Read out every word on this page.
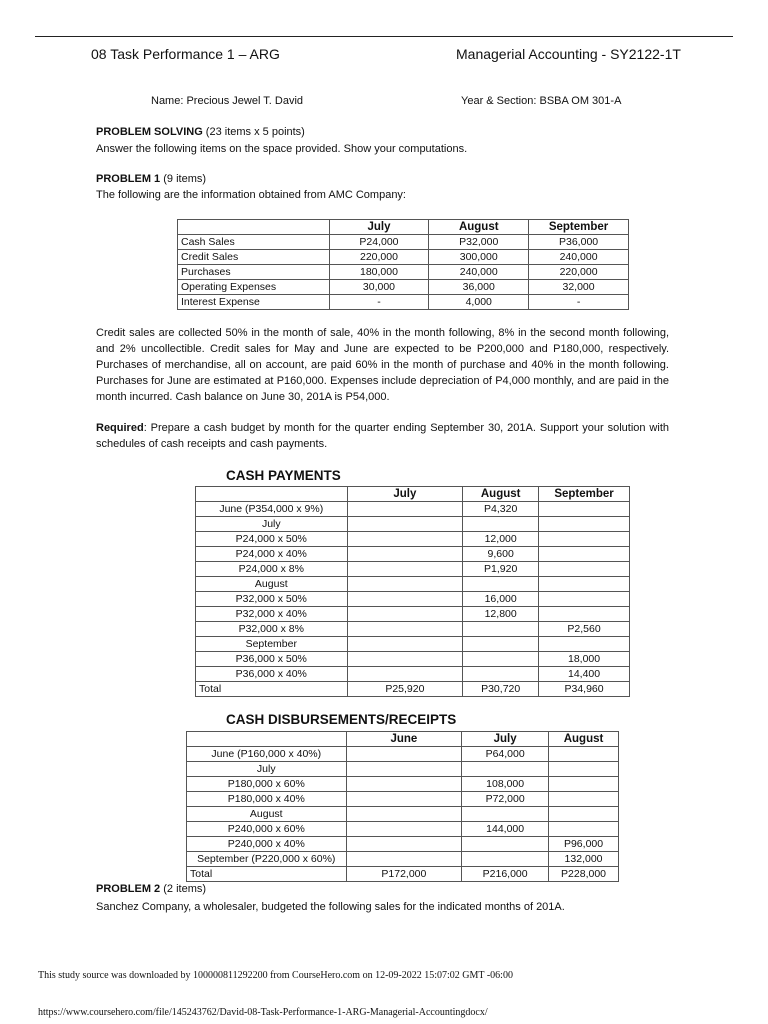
08 Task Performance 1 – ARG	Managerial Accounting - SY2122-1T
Name: Precious Jewel T. David	Year & Section: BSBA OM 301-A
PROBLEM SOLVING (23 items x 5 points)
Answer the following items on the space provided. Show your computations.
PROBLEM 1 (9 items)
The following are the information obtained from AMC Company:
	July	August	September
Cash Sales	P24,000	P32,000	P36,000
Credit Sales	220,000	300,000	240,000
Purchases	180,000	240,000	220,000
Operating Expenses	30,000	36,000	32,000
Interest Expense	-	4,000	-

Credit sales are collected 50% in the month of sale, 40% in the month following, 8% in the second month following, and 2% uncollectible. Credit sales for May and June are expected to be P200,000 and P180,000, respectively. Purchases of merchandise, all on account, are paid 60% in the month of purchase and 40% in the month following. Purchases for June are estimated at P160,000. Expenses include depreciation of P4,000 monthly, and are paid in the month incurred. Cash balance on June 30, 201A is P54,000.

Required: Prepare a cash budget by month for the quarter ending September 30, 201A. Support your solution with schedules of cash receipts and cash payments.

CASH PAYMENTS
	July	August	September
June (P354,000 x 9%)		P4,320	
July			
P24,000 x 50%		12,000	
P24,000 x 40%		9,600	
P24,000 x 8%		P1,920	
August			
P32,000 x 50%		16,000	
P32,000 x 40%		12,800	
P32,000 x 8%			P2,560
September			
P36,000 x 50%			18,000
P36,000 x 40%			14,400
Total	P25,920	P30,720	P34,960
CASH DISBURSEMENTS/RECEIPTS
	June	July	August
June (P160,000 x 40%)		P64,000	
July			
P180,000 x 60%		108,000	
P180,000 x 40%		P72,000	
August			
P240,000 x 60%		144,000	
P240,000 x 40%			P96,000
September (P220,000 x 60%)			132,000
Total	P172,000	P216,000	P228,000
PROBLEM 2 (2 items)
Sanchez Company, a wholesaler, budgeted the following sales for the indicated months of 201A.
This study source was downloaded by 100000811292200 from CourseHero.com on 12-09-2022 15:07:02 GMT -06:00
https://www.coursehero.com/file/145243762/David-08-Task-Performance-1-ARG-Managerial-Accountingdocx/
